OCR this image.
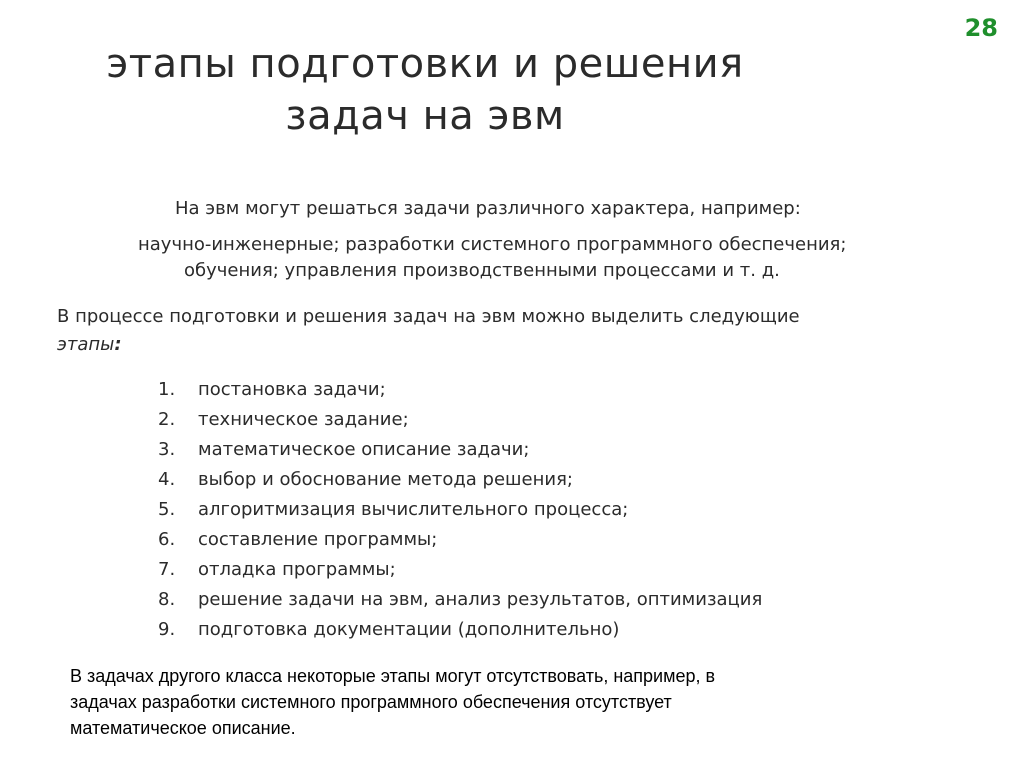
28
этапы подготовки и решения
задач на эвм
На эвм могут решаться задачи различного характера, например:
научно-инженерные; разработки системного программного обеспечения;
обучения; управления производственными процессами и т. д.
В процессе подготовки и решения задач на эвм можно выделить следующие
этапы:
1.	постановка задачи;
2.	техническое задание;
3.	математическое описание задачи;
4.	выбор и обоснование метода решения;
5.	алгоритмизация вычислительного процесса;
6.	составление программы;
7.	отладка программы;
8.	решение задачи на эвм, анализ результатов, оптимизация
9.	подготовка документации (дополнительно)
В задачах другого класса некоторые этапы могут отсутствовать, например, в
задачах разработки системного программного обеспечения отсутствует
математическое описание.
